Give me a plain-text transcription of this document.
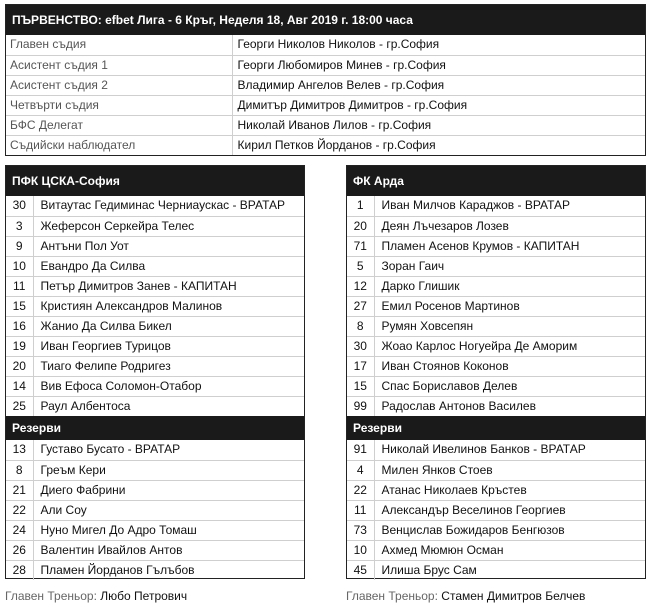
ПЪРВЕНСТВО: efbet Лига - 6 Кръг, Неделя 18, Авг 2019 г. 18:00 часа
Главен съдия	Георги Николов Николов - гр.София
Асистент съдия 1	Георги Любомиров Минев - гр.София
Асистент съдия 2	Владимир Ангелов Велев - гр.София
Четвърти съдия	Димитър Димитров Димитров - гр.София
БФС Делегат	Николай Иванов Лилов - гр.София
Съдийски наблюдател	Кирил Петков Йорданов - гр.София
ПФК ЦСКА-София
30	Витаутас Гедиминас Черниаускас - ВРАТАР
3	Жеферсон Серкейра Телес
9	Антъни Пол Уот
10	Евандро Да Силва
11	Петър Димитров Занев - КАПИТАН
15	Кристиян Александров Малинов
16	Жанио Да Силва Бикел
19	Иван Георгиев Турицов
20	Тиаго Фелипе Родригез
14	Вив Ефоса Соломон-Отабор
25	Раул Албентоса
Резерви
13	Густаво Бусато - ВРАТАР
8	Греъм Кери
21	Диего Фабрини
22	Али Соу
24	Нуно Мигел До Адро Томаш
26	Валентин Ивайлов Антов
28	Пламен Йорданов Гълъбов
ФК Арда
1	Иван Милчов Караджов - ВРАТАР
20	Деян Лъчезаров Лозев
71	Пламен Асенов Крумов - КАПИТАН
5	Зоран Гаич
12	Дарко Глишик
27	Емил Росенов Мартинов
8	Румян Ховсепян
30	Жоао Карлос Ногуейра Де Аморим
17	Иван Стоянов Коконов
15	Спас Бориславов Делев
99	Радослав Антонов Василев
Резерви
91	Николай Ивелинов Банков - ВРАТАР
4	Милен Янков Стоев
22	Атанас Николаев Кръстев
11	Александър Веселинов Георгиев
73	Венцислав Божидаров Бенгюзов
10	Ахмед Мюмюн Осман
45	Илиша Брус Сам
Главен Треньор: Любо Петрович	Главен Треньор: Стамен Димитров Белчев
